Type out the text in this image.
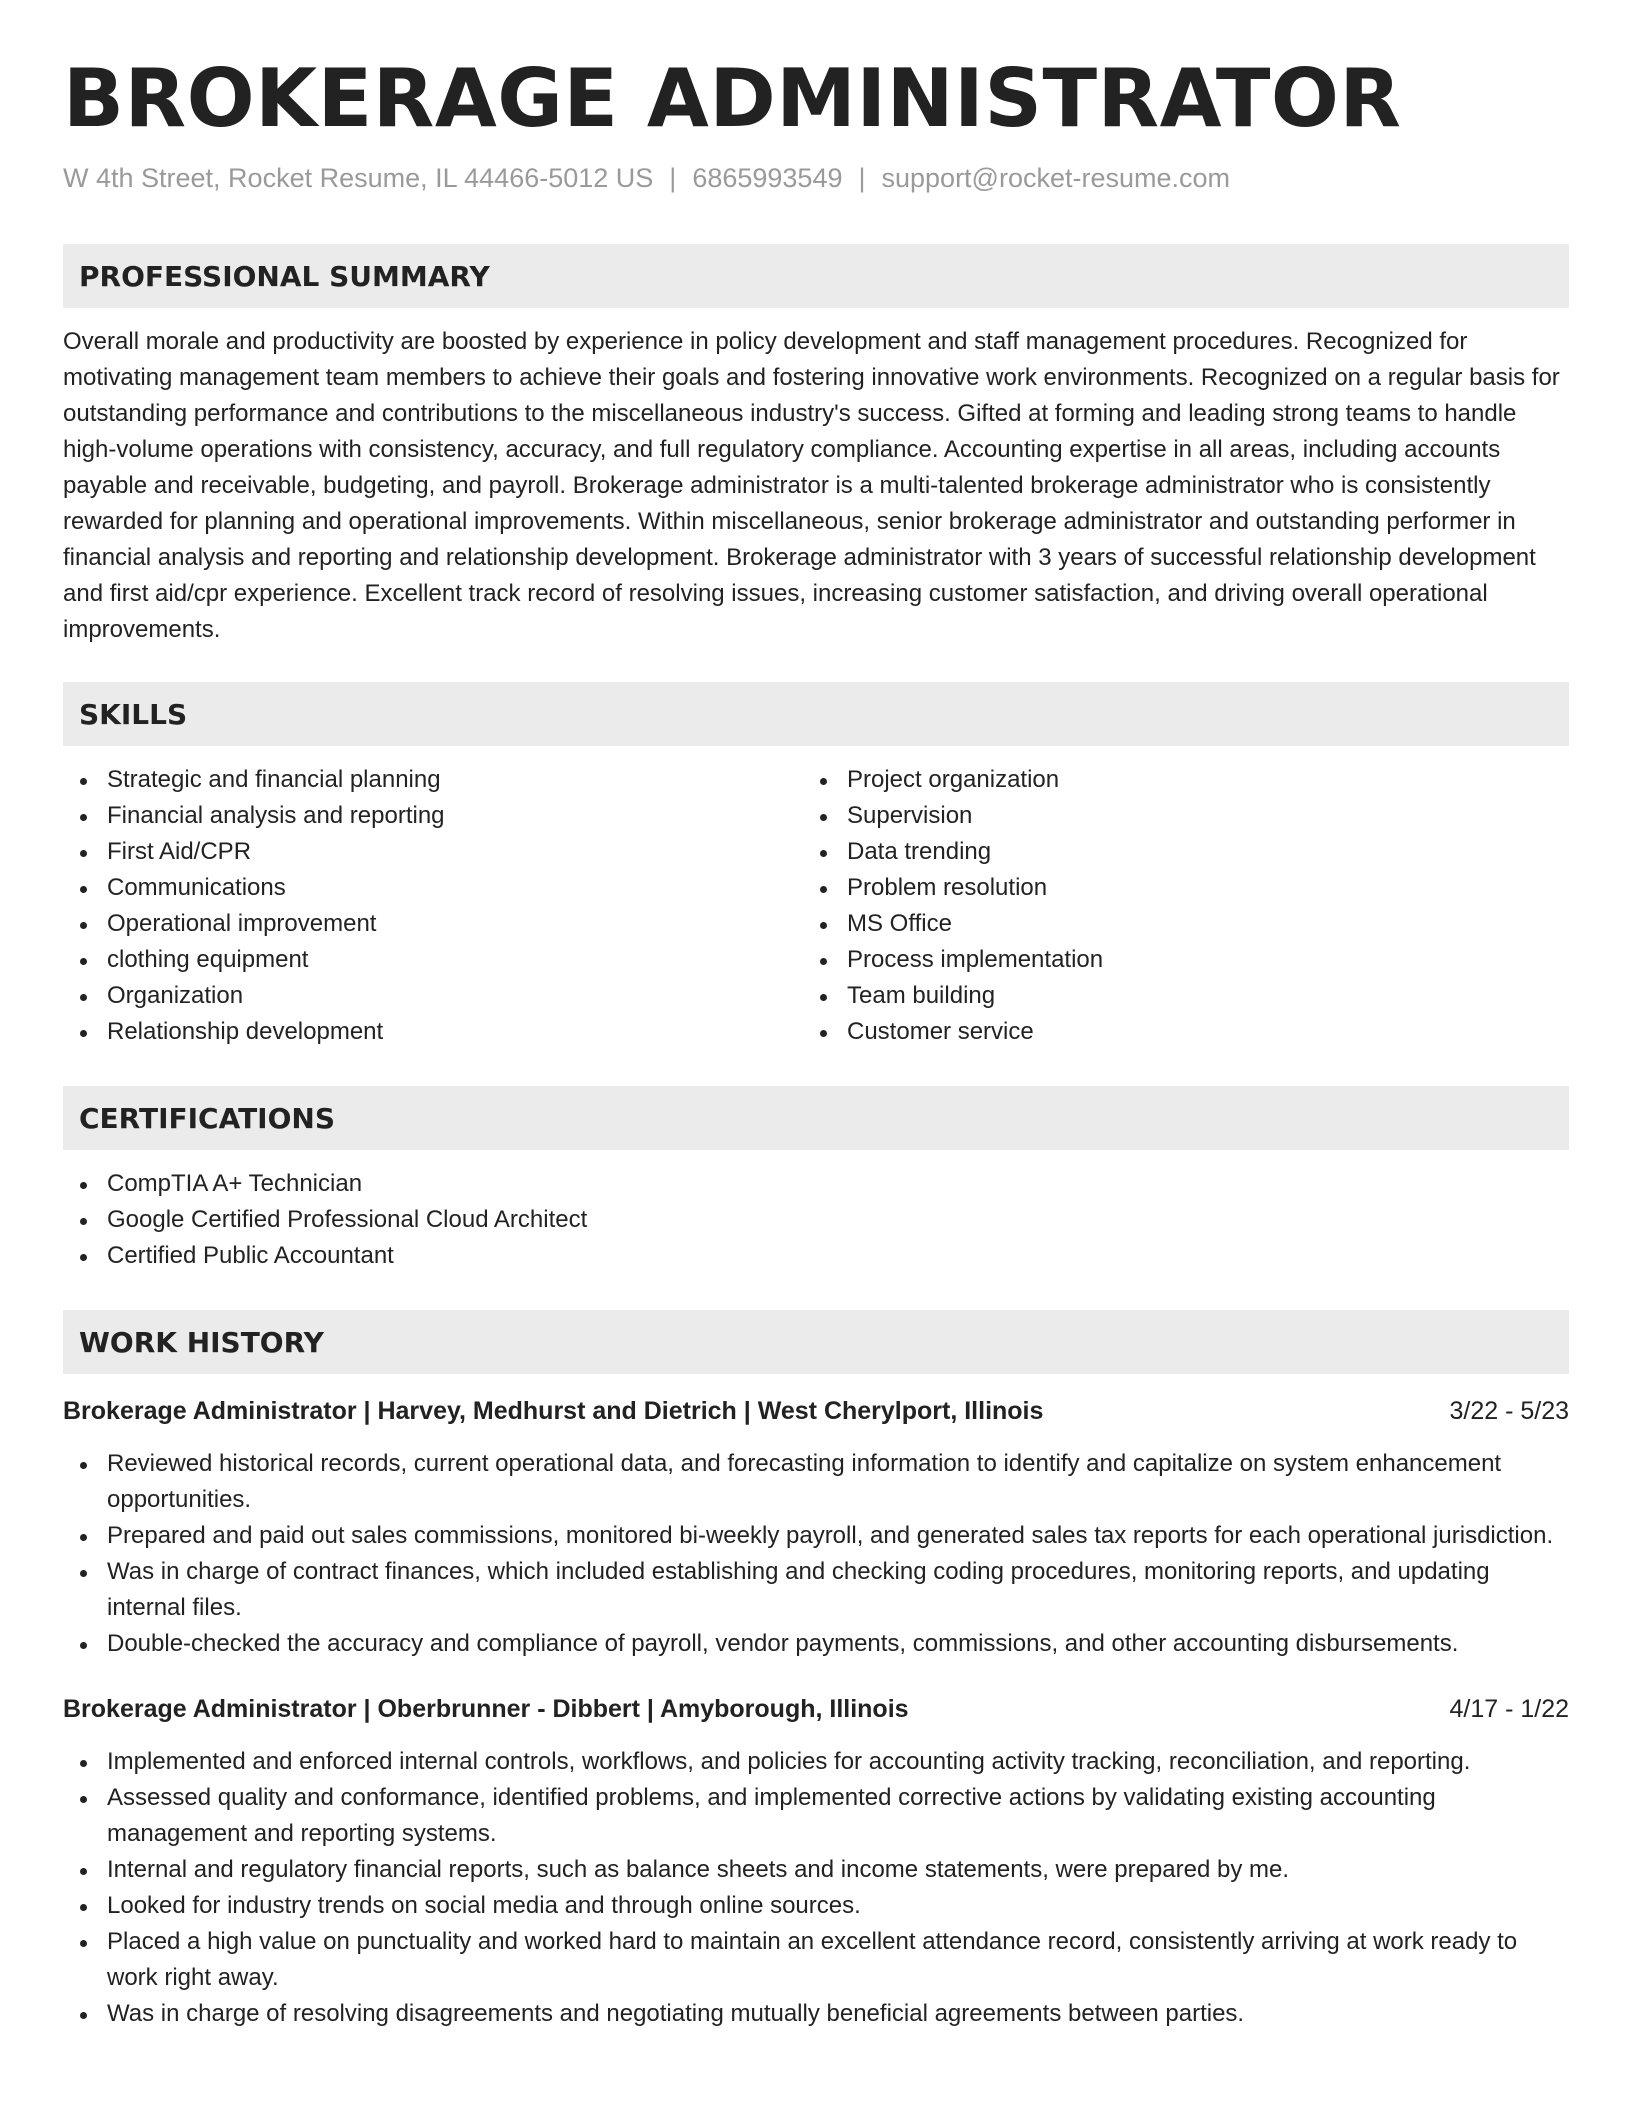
BROKERAGE ADMINISTRATOR
W 4th Street, Rocket Resume, IL 44466-5012 US | 6865993549 | support@rocket-resume.com
PROFESSIONAL SUMMARY
Overall morale and productivity are boosted by experience in policy development and staff management procedures. Recognized for motivating management team members to achieve their goals and fostering innovative work environments. Recognized on a regular basis for outstanding performance and contributions to the miscellaneous industry's success. Gifted at forming and leading strong teams to handle high-volume operations with consistency, accuracy, and full regulatory compliance. Accounting expertise in all areas, including accounts payable and receivable, budgeting, and payroll. Brokerage administrator is a multi-talented brokerage administrator who is consistently rewarded for planning and operational improvements. Within miscellaneous, senior brokerage administrator and outstanding performer in financial analysis and reporting and relationship development. Brokerage administrator with 3 years of successful relationship development and first aid/cpr experience. Excellent track record of resolving issues, increasing customer satisfaction, and driving overall operational improvements.
SKILLS
Strategic and financial planning
Financial analysis and reporting
First Aid/CPR
Communications
Operational improvement
clothing equipment
Organization
Relationship development
Project organization
Supervision
Data trending
Problem resolution
MS Office
Process implementation
Team building
Customer service
CERTIFICATIONS
CompTIA A+ Technician
Google Certified Professional Cloud Architect
Certified Public Accountant
WORK HISTORY
Brokerage Administrator | Harvey, Medhurst and Dietrich | West Cherylport, Illinois	3/22 - 5/23
Reviewed historical records, current operational data, and forecasting information to identify and capitalize on system enhancement opportunities.
Prepared and paid out sales commissions, monitored bi-weekly payroll, and generated sales tax reports for each operational jurisdiction.
Was in charge of contract finances, which included establishing and checking coding procedures, monitoring reports, and updating internal files.
Double-checked the accuracy and compliance of payroll, vendor payments, commissions, and other accounting disbursements.
Brokerage Administrator | Oberbrunner - Dibbert | Amyborough, Illinois	4/17 - 1/22
Implemented and enforced internal controls, workflows, and policies for accounting activity tracking, reconciliation, and reporting.
Assessed quality and conformance, identified problems, and implemented corrective actions by validating existing accounting management and reporting systems.
Internal and regulatory financial reports, such as balance sheets and income statements, were prepared by me.
Looked for industry trends on social media and through online sources.
Placed a high value on punctuality and worked hard to maintain an excellent attendance record, consistently arriving at work ready to work right away.
Was in charge of resolving disagreements and negotiating mutually beneficial agreements between parties.
